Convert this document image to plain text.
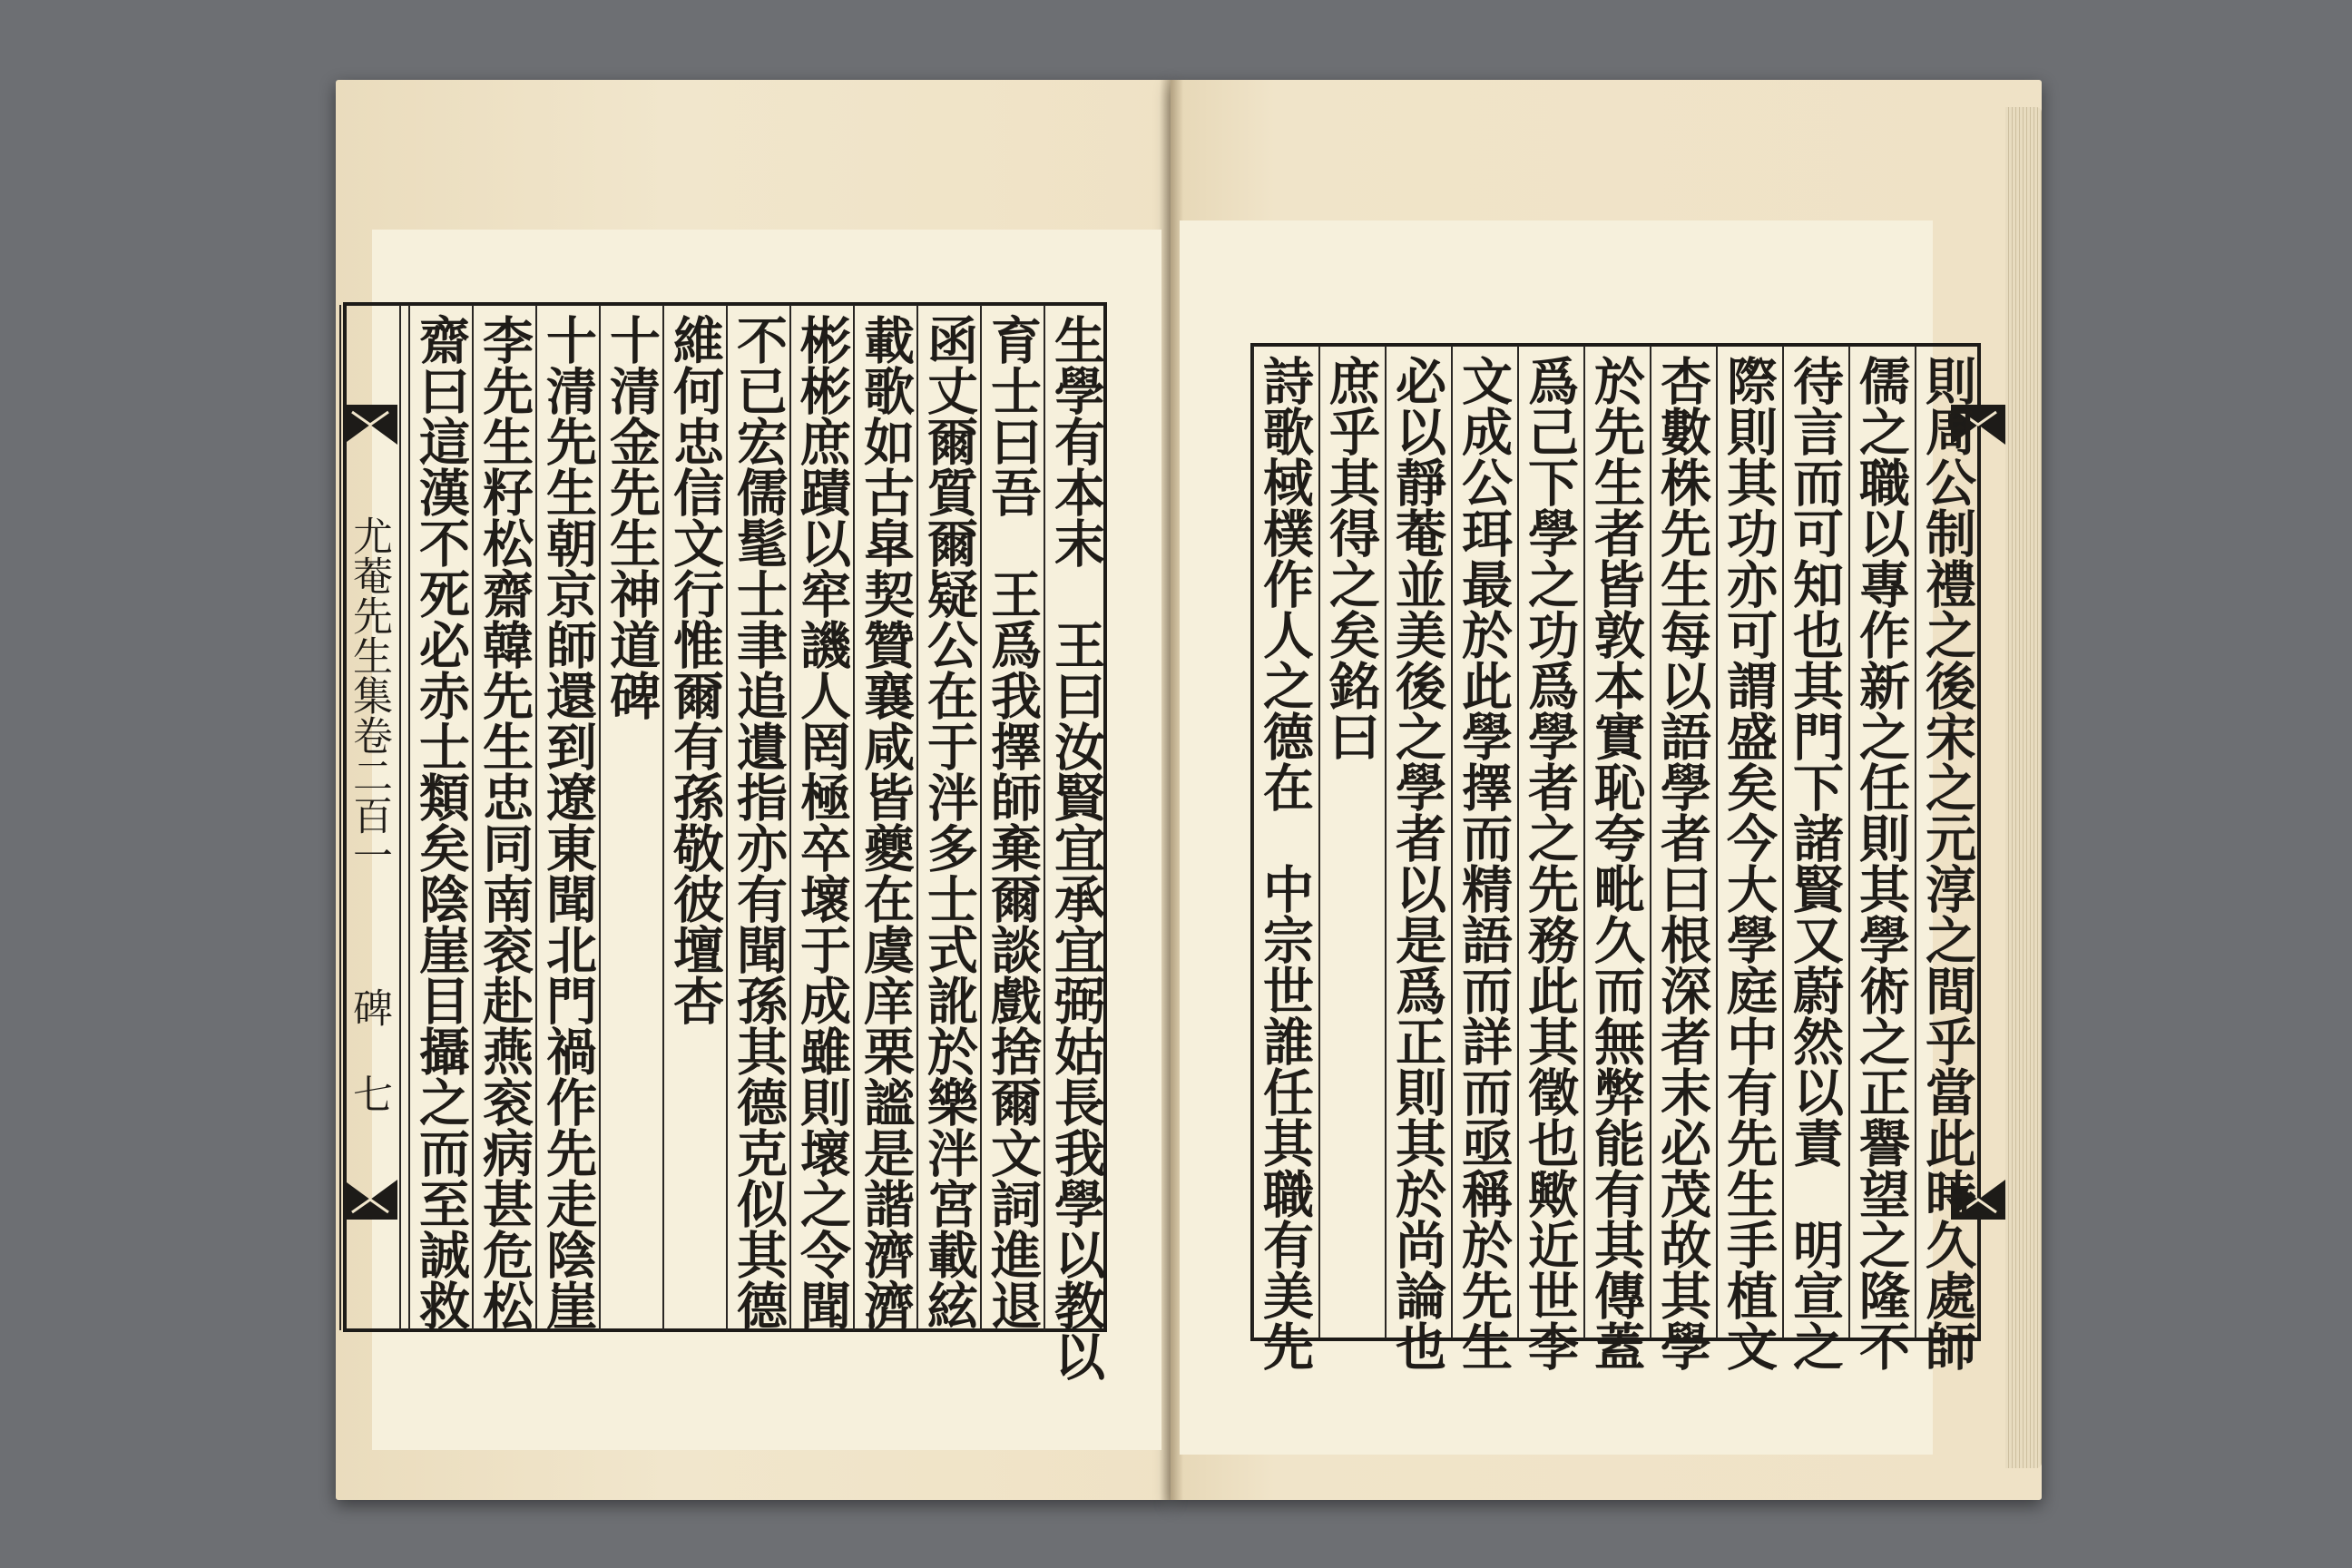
尤菴先生集卷二百一
碑
七	生學有本末　王曰汝賢宜承宜弼姑長我學以教以
育士曰吾　王爲我擇師棄爾談戲捨爾文詞進退
函丈爾質爾疑公在于泮多士式訛於樂泮宮載絃
載歌如古皐契贊襄咸皆夔在虞庠栗謐是諧濟濟
彬彬庶蹟以窂譏人罔極卒壞于成雖則壞之令聞
不已宏儒髦士聿追遺指亦有聞孫其德克似其德
維何忠信文行惟爾有孫敬彼壇杏
十清金先生神道碑
十清先生朝京師還到遼東聞北門禍作先走陰崖
李先生籽松齋韓先生忠同南衮赴燕衮病甚危松
齋曰這漢不死必赤士類矣陰崖目攝之而至誠救	則周公制禮之後宋之元淳之間乎當此時久處師
儒之職以專作新之任則其學術之正譽望之隆不
待言而可知也其門下諸賢又蔚然以責　明宣之
際則其功亦可謂盛矣今大學庭中有先生手植文
杏數株先生每以語學者曰根深者末必茂故其學
於先生者皆敦本實恥夸毗久而無弊能有其傳蓋
爲己下學之功爲學者之先務此其徵也歟近世李
文成公珥最於此學擇而精語而詳而亟稱於先生
必以靜菴並美後之學者以是爲正則其於尚論也
庶乎其得之矣銘曰
詩歌棫樸作人之德在　中宗世誰任其職有美先
